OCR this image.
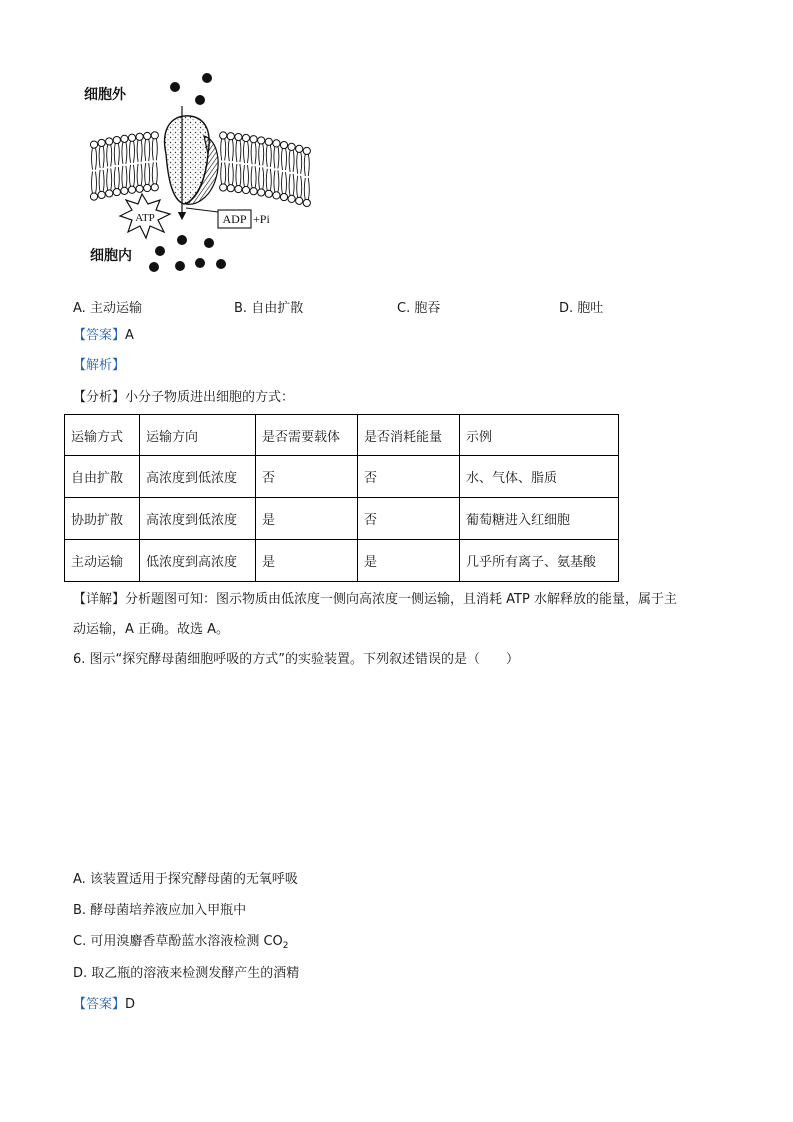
ATP	ADP +Pi
细胞外
细胞内
A. 主动运输	B. 自由扩散	C. 胞吞	D. 胞吐
【答案】A
【解析】
【分析】小分子物质进出细胞的方式：
运输方式	运输方向	是否需要载体	是否消耗能量	示例
自由扩散	高浓度到低浓度	否	否	水、气体、脂质
协助扩散	高浓度到低浓度	是	否	葡萄糖进入红细胞
主动运输	低浓度到高浓度	是	是	几乎所有离子、氨基酸
【详解】分析题图可知：图示物质由低浓度一侧向高浓度一侧运输，且消耗 ATP 水解释放的能量，属于主
动运输，A 正确。故选 A。
6. 图示“探究酵母菌细胞呼吸的方式”的实验装置。下列叙述错误的是（　　）
A. 该装置适用于探究酵母菌的无氧呼吸
B. 酵母菌培养液应加入甲瓶中
C. 可用溴麝香草酚蓝水溶液检测 $CO_2$
D. 取乙瓶的溶液来检测发酵产生的酒精
【答案】D
